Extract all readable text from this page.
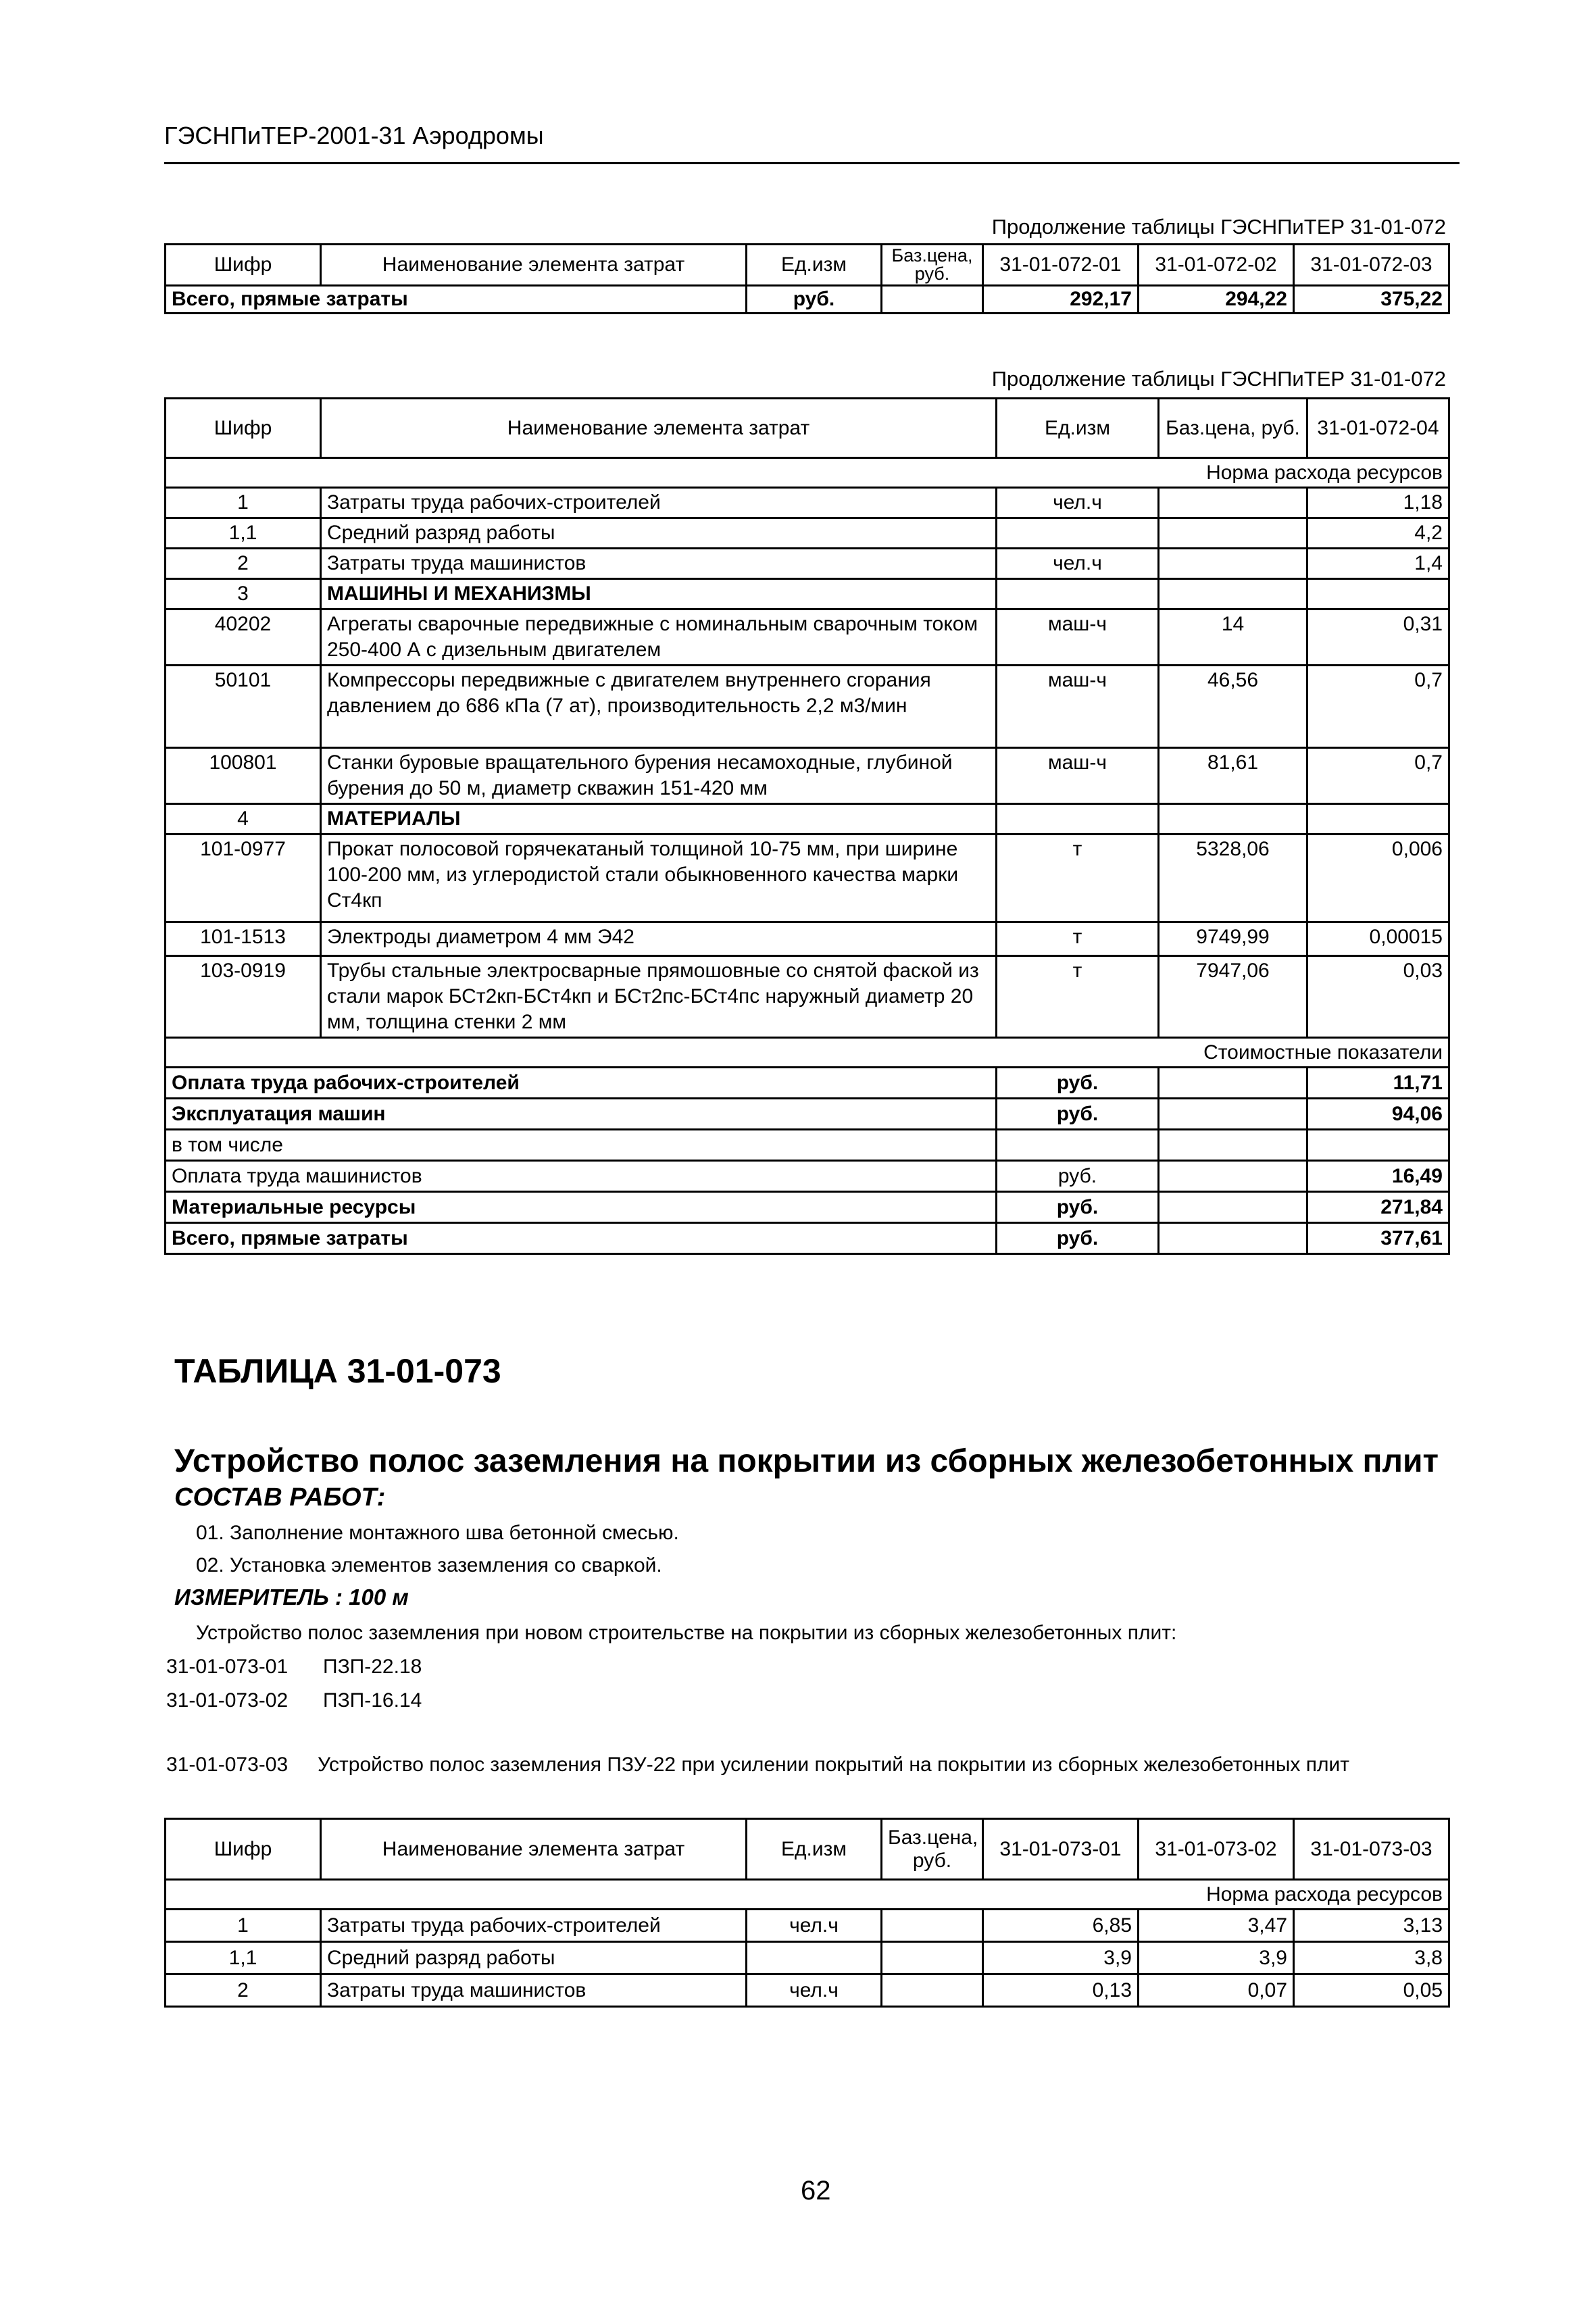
ГЭСНПиТЕР-2001-31 Аэродромы
Продолжение таблицы ГЭСНПиТЕР 31-01-072
Шифр	Наименование элемента затрат	Ед.изм	Баз.цена, руб.	31-01-072-01	31-01-072-02	31-01-072-03
Всего, прямые затраты		руб.		292,17	294,22	375,22
Продолжение таблицы ГЭСНПиТЕР 31-01-072
Шифр	Наименование элемента затрат	Ед.изм	Баз.цена, руб.	31-01-072-04
Норма расхода ресурсов				
1	Затраты труда рабочих-строителей	чел.ч		1,18
1,1	Средний разряд работы			4,2
2	Затраты труда машинистов	чел.ч		1,4
3	МАШИНЫ И МЕХАНИЗМЫ			
40202	Агрегаты сварочные передвижные с номинальным сварочным током 250-400 А с дизельным двигателем	маш-ч	14	0,31
50101	Компрессоры передвижные с двигателем внутреннего сгорания давлением до 686 кПа (7 ат), производительность 2,2 м3/мин	маш-ч	46,56	0,7
100801	Станки буровые вращательного бурения несамоходные, глубиной бурения до 50 м, диаметр скважин 151-420 мм	маш-ч	81,61	0,7
4	МАТЕРИАЛЫ			
101-0977	Прокат полосовой горячекатаный толщиной 10-75 мм, при ширине 100-200 мм, из углеродистой стали обыкновенного качества марки Ст4кп	т	5328,06	0,006
101-1513	Электроды диаметром 4 мм Э42	т	9749,99	0,00015
103-0919	Трубы стальные электросварные прямошовные со снятой фаской из стали марок БСт2кп-БСт4кп и БСт2пс-БСт4пс наружный диаметр 20 мм, толщина стенки 2 мм	т	7947,06	0,03
Стоимостные показатели				
Оплата труда рабочих-строителей		руб.		11,71
Эксплуатация машин		руб.		94,06
в том числе				
Оплата труда машинистов		руб.		16,49
Материальные ресурсы		руб.		271,84
Всего, прямые затраты		руб.		377,61
ТАБЛИЦА 31-01-073
Устройство полос заземления на покрытии из сборных железобетонных плит
СОСТАВ РАБОТ:
01. Заполнение монтажного шва бетонной смесью.
02. Установка элементов заземления со сваркой.
ИЗМЕРИТЕЛЬ : 100 м
Устройство полос заземления при новом строительстве на покрытии из сборных железобетонных плит:
31-01-073-01 ПЗП-22.18
31-01-073-02 ПЗП-16.14
31-01-073-03 Устройство полос заземления ПЗУ-22 при усилении покрытий на покрытии из сборных железобетонных плит
Шифр	Наименование элемента затрат	Ед.изм	Баз.цена, руб.	31-01-073-01	31-01-073-02	31-01-073-03
Норма расхода ресурсов						
1	Затраты труда рабочих-строителей	чел.ч		6,85	3,47	3,13
1,1	Средний разряд работы			3,9	3,9	3,8
2	Затраты труда машинистов	чел.ч		0,13	0,07	0,05
62
